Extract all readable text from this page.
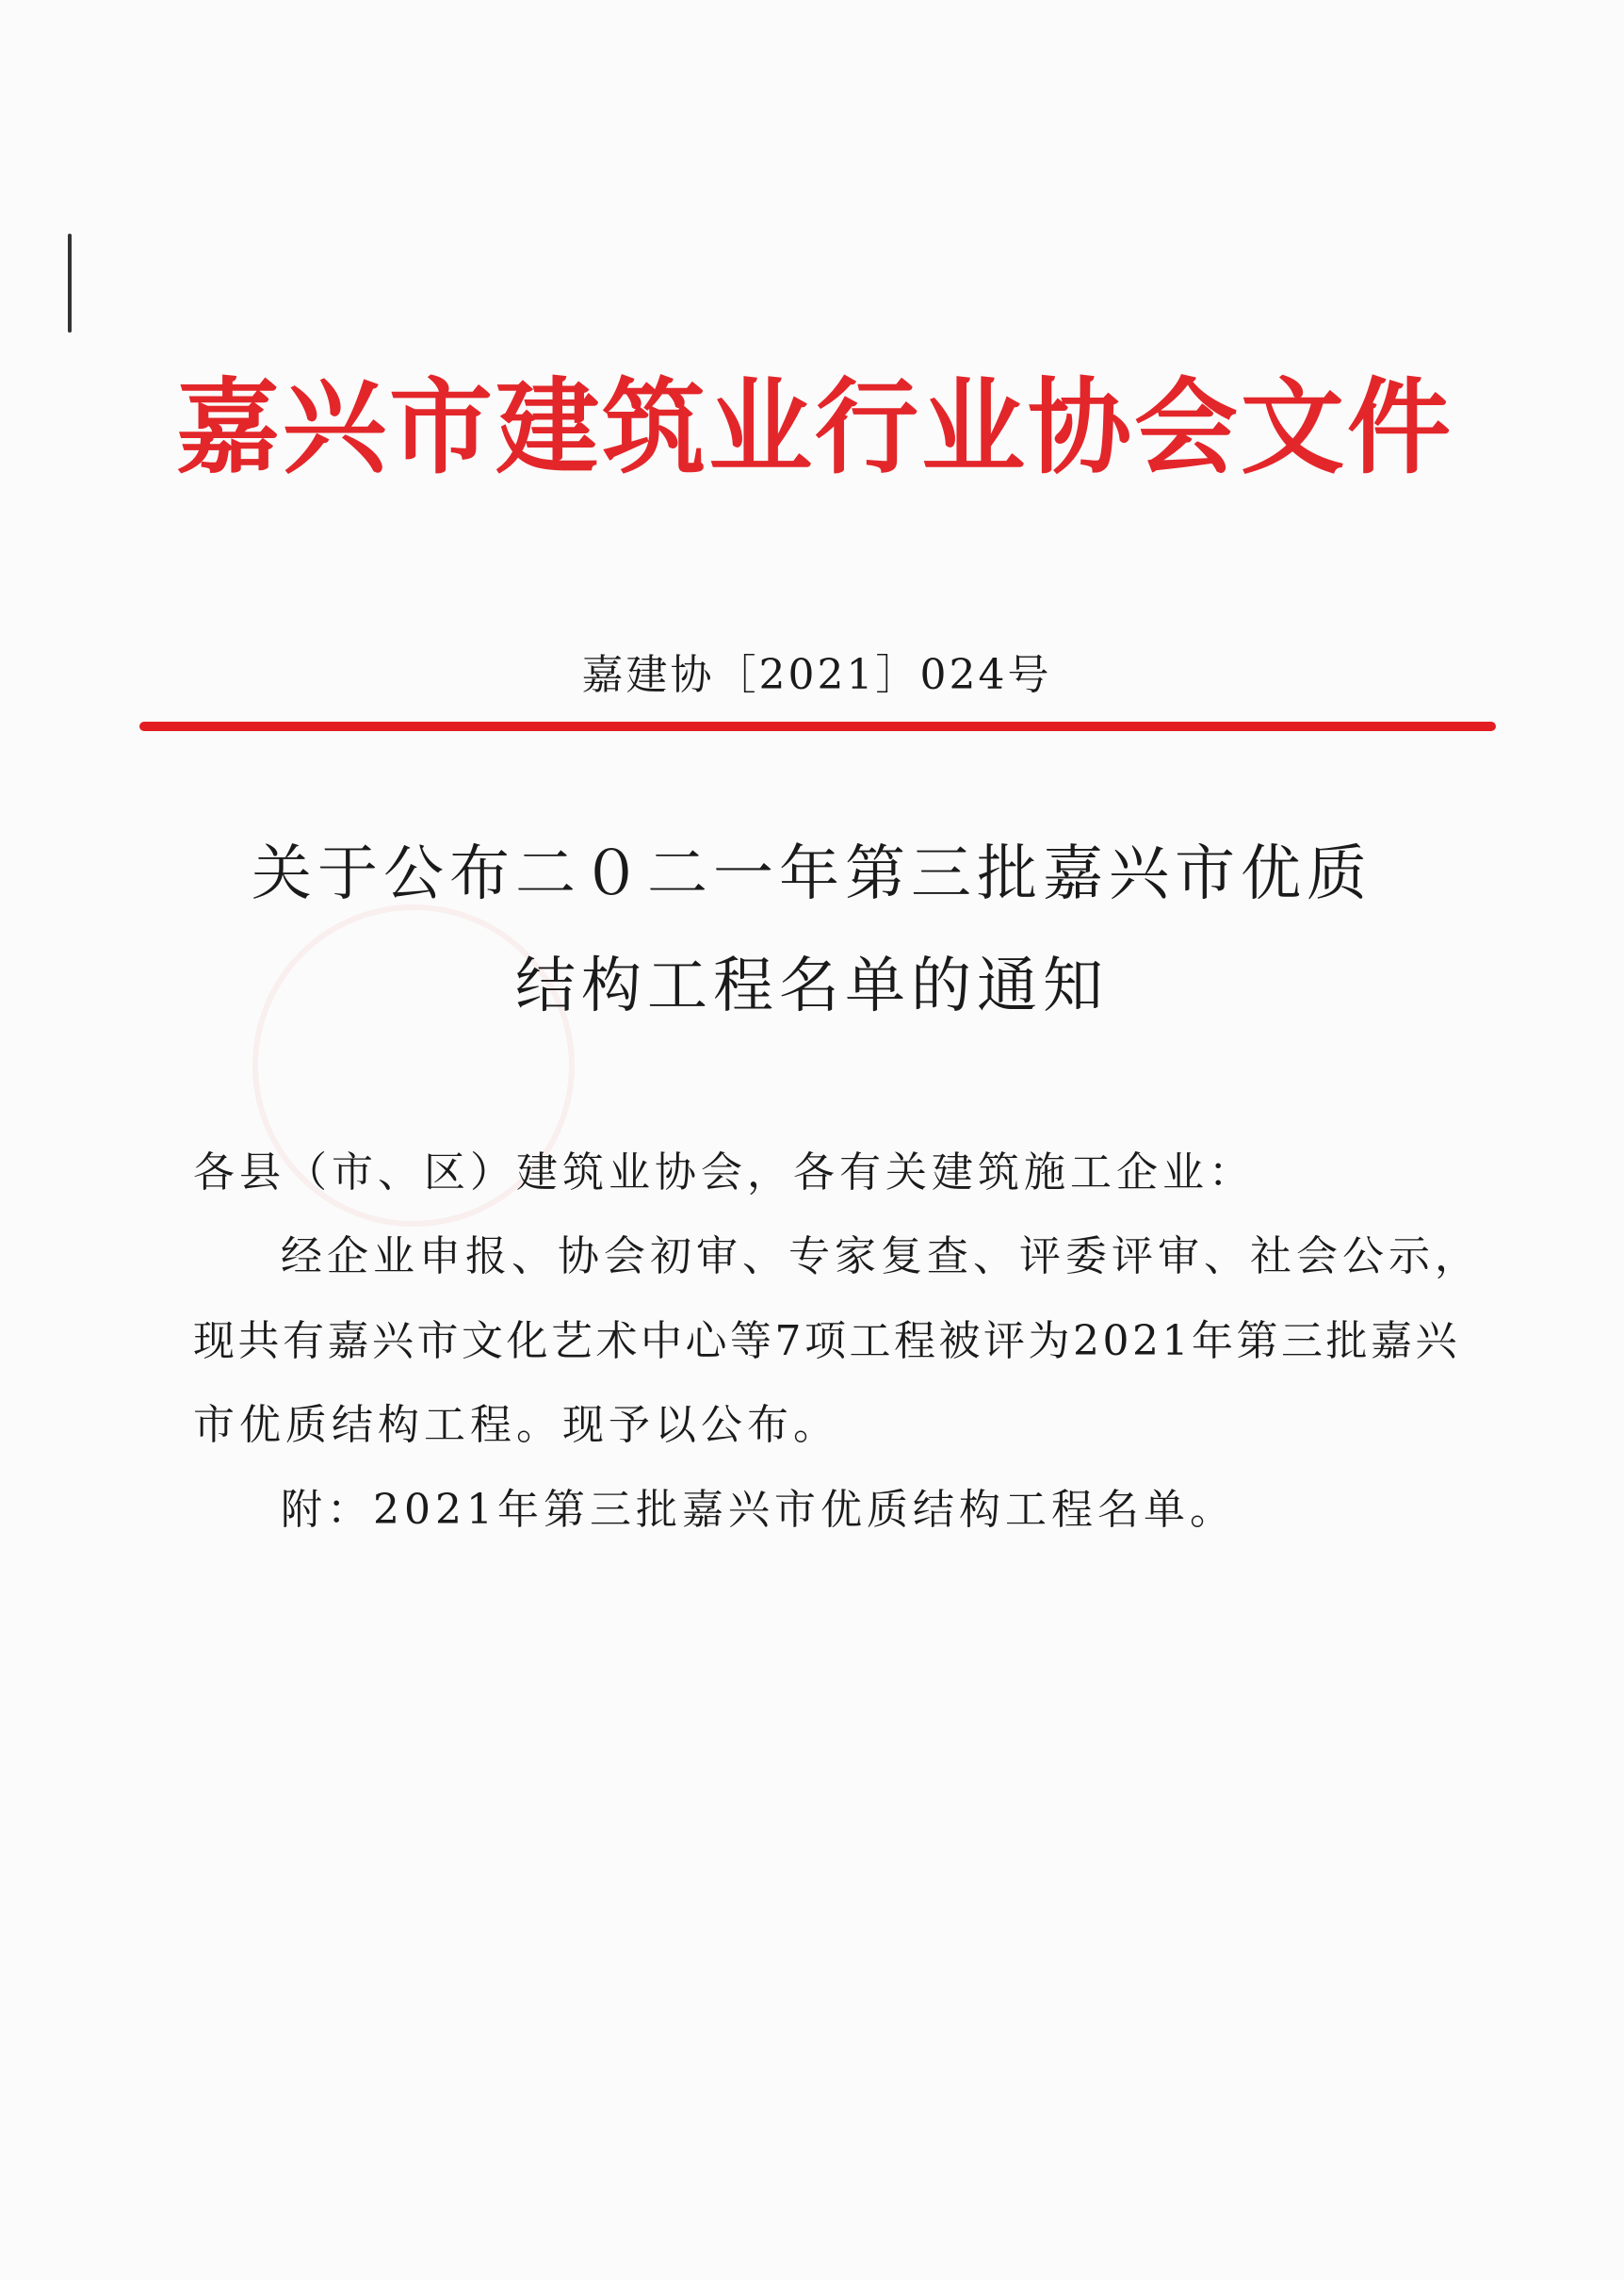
嘉兴市建筑业行业协会文件
嘉建协［2021］024号
关于公布二０二一年第三批嘉兴市优质
结构工程名单的通知
各县（市、区）建筑业协会，各有关建筑施工企业：
经企业申报、协会初审、专家复查、评委评审、社会公示，
现共有嘉兴市文化艺术中心等7项工程被评为2021年第三批嘉兴
市优质结构工程。现予以公布。
附：2021年第三批嘉兴市优质结构工程名单。
